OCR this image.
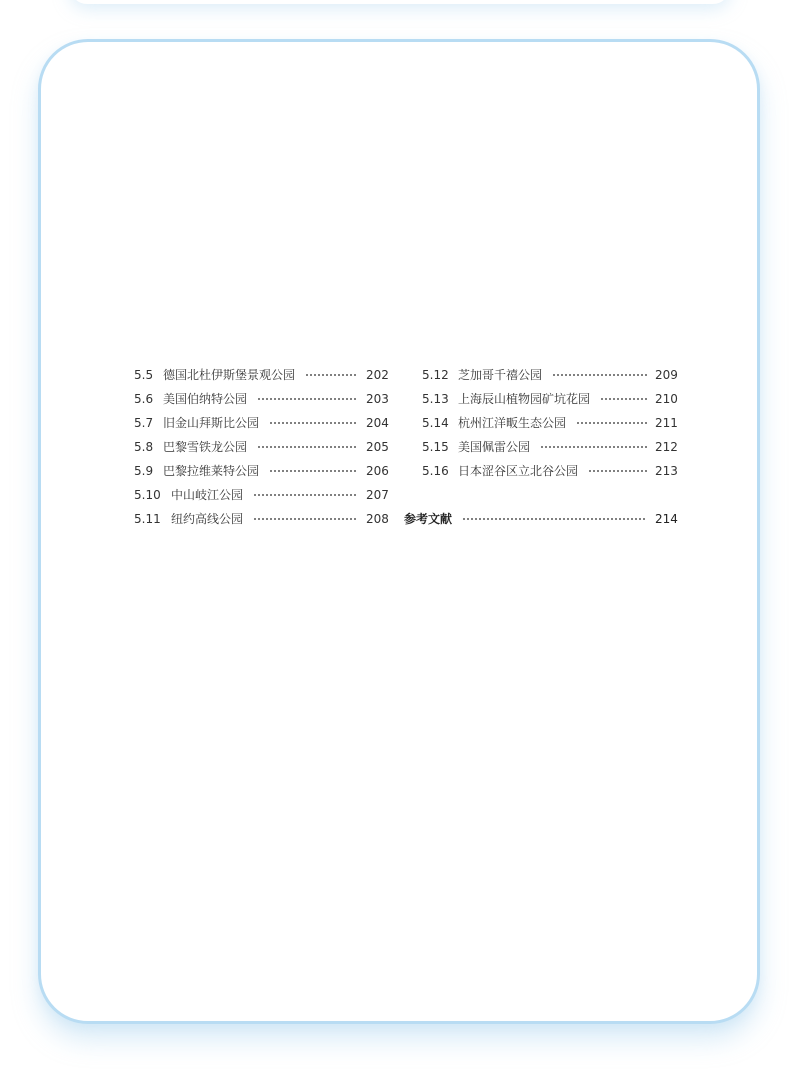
5.5 德国北杜伊斯堡景观公园	202
5.6 美国伯纳特公园	203
5.7 旧金山拜斯比公园	204
5.8 巴黎雪铁龙公园	205
5.9 巴黎拉维莱特公园	206
5.10 中山岐江公园	207
5.11 纽约高线公园	208
5.12 芝加哥千禧公园	209
5.13 上海辰山植物园矿坑花园	210
5.14 杭州江洋畈生态公园	211
5.15 美国佩雷公园	212
5.16 日本涩谷区立北谷公园	213
参考文献	214
